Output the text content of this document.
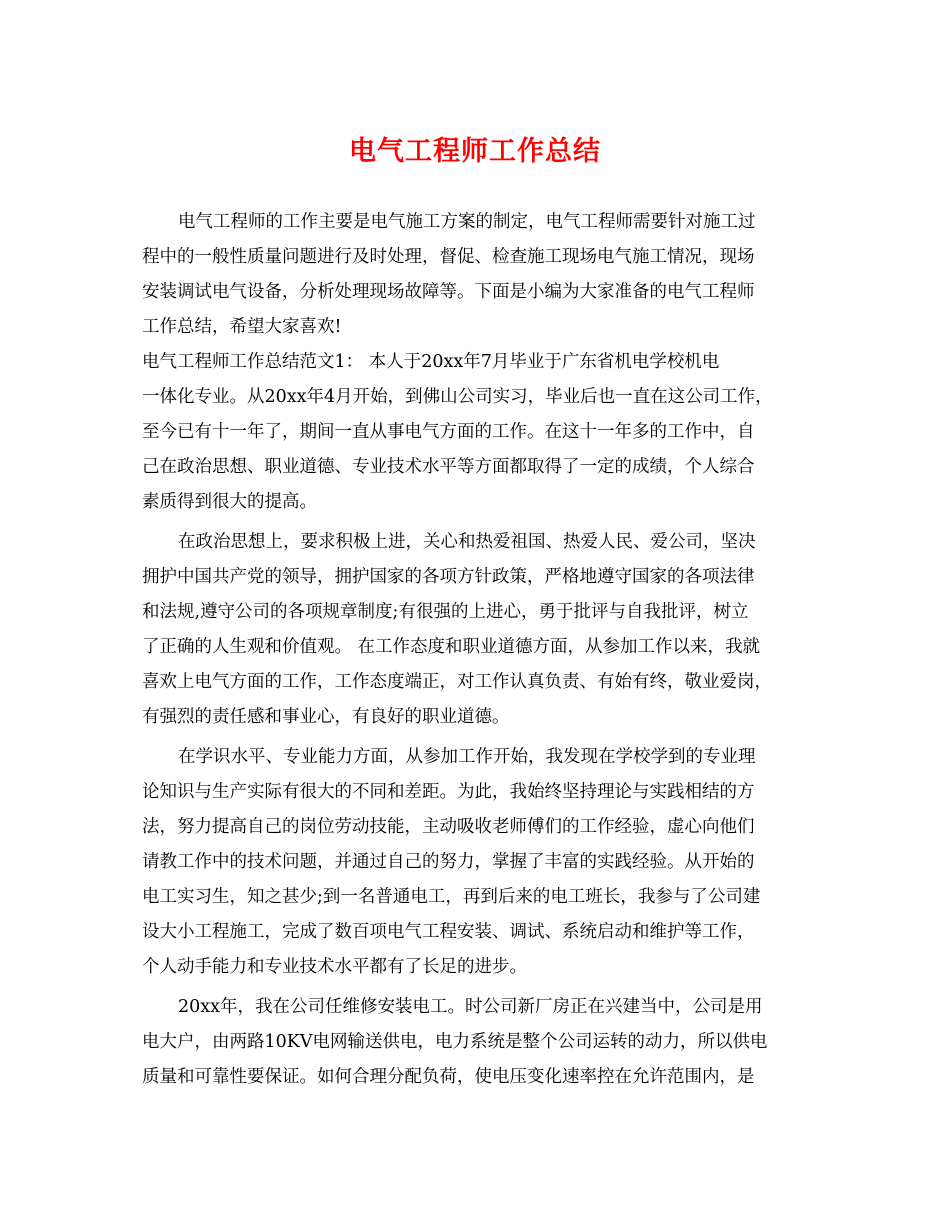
电气工程师工作总结
电气工程师的工作主要是电气施工方案的制定，电气工程师需要针对施工过
程中的一般性质量问题进行及时处理，督促、检查施工现场电气施工情况，现场
安装调试电气设备，分析处理现场故障等。下面是小编为大家准备的电气工程师
工作总结，希望大家喜欢!
电气工程师工作总结范文1： 本人于20xx年7月毕业于广东省机电学校机电
一体化专业。从20xx年4月开始，到佛山公司实习，毕业后也一直在这公司工作，
至今已有十一年了，期间一直从事电气方面的工作。在这十一年多的工作中，自
己在政治思想、职业道德、专业技术水平等方面都取得了一定的成绩，个人综合
素质得到很大的提高。
在政治思想上，要求积极上进，关心和热爱祖国、热爱人民、爱公司，坚决
拥护中国共产党的领导，拥护国家的各项方针政策，严格地遵守国家的各项法律
和法规,遵守公司的各项规章制度;有很强的上进心，勇于批评与自我批评，树立
了正确的人生观和价值观。 在工作态度和职业道德方面，从参加工作以来，我就
喜欢上电气方面的工作，工作态度端正，对工作认真负责、有始有终，敬业爱岗，
有强烈的责任感和事业心，有良好的职业道德。
在学识水平、专业能力方面，从参加工作开始，我发现在学校学到的专业理
论知识与生产实际有很大的不同和差距。为此，我始终坚持理论与实践相结的方
法，努力提高自己的岗位劳动技能，主动吸收老师傅们的工作经验，虚心向他们
请教工作中的技术问题，并通过自己的努力，掌握了丰富的实践经验。从开始的
电工实习生，知之甚少;到一名普通电工，再到后来的电工班长，我参与了公司建
设大小工程施工，完成了数百项电气工程安装、调试、系统启动和维护等工作，
个人动手能力和专业技术水平都有了长足的进步。
20xx年，我在公司任维修安装电工。时公司新厂房正在兴建当中，公司是用
电大户，由两路10KV电网输送供电，电力系统是整个公司运转的动力，所以供电
质量和可靠性要保证。如何合理分配负荷，使电压变化速率控在允许范围内，是
